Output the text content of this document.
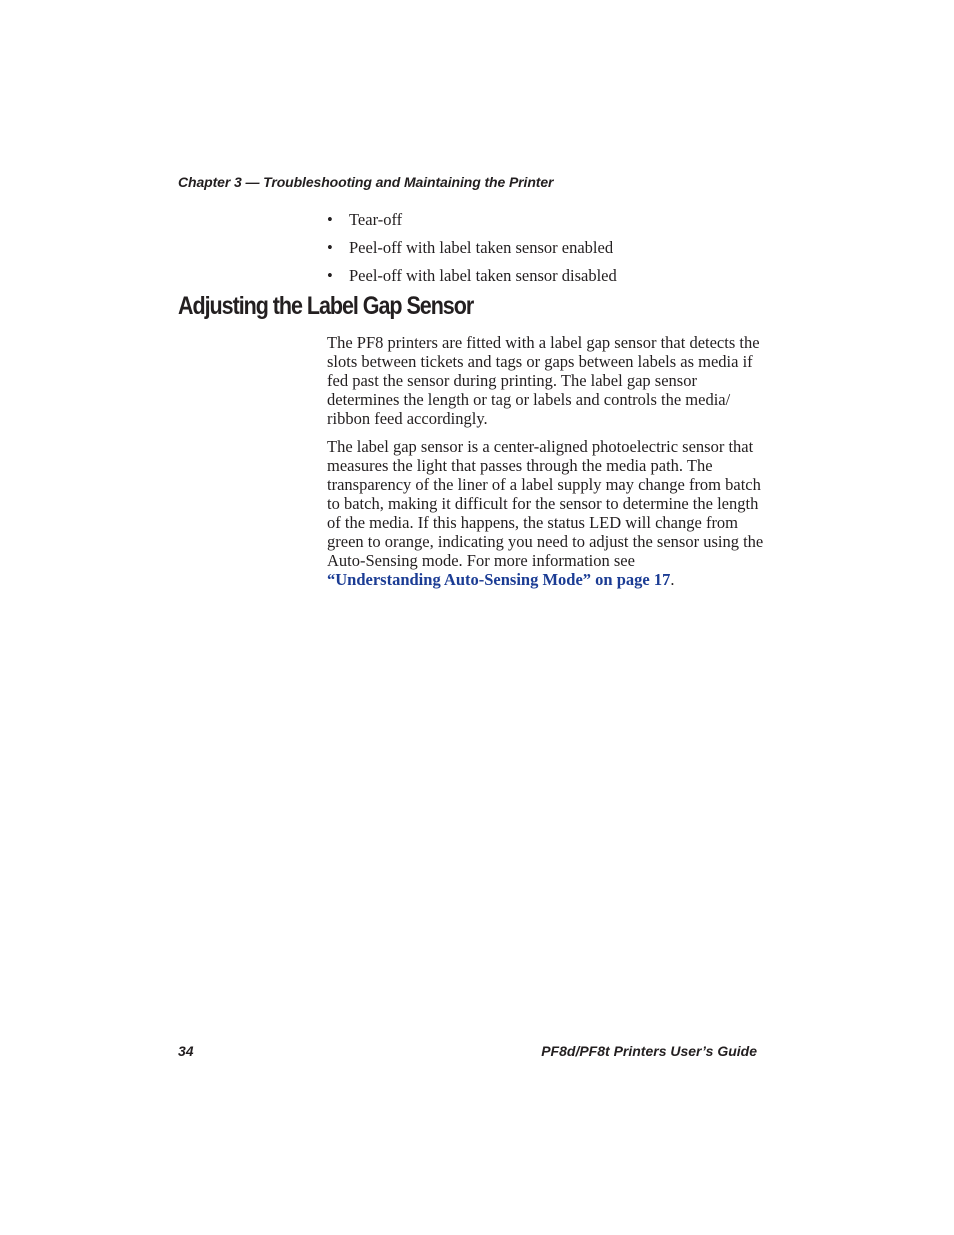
Chapter 3 — Troubleshooting and Maintaining the Printer
• Tear-off
• Peel-off with label taken sensor enabled
• Peel-off with label taken sensor disabled
Adjusting the Label Gap Sensor

The PF8 printers are fitted with a label gap sensor that detects the slots between tickets and tags or gaps between labels as media if fed past the sensor during printing. The label gap sensor determines the length or tag or labels and controls the media/ ribbon feed accordingly.

The label gap sensor is a center-aligned photoelectric sensor that measures the light that passes through the media path. The transparency of the liner of a label supply may change from batch to batch, making it difficult for the sensor to determine the length of the media. If this happens, the status LED will change from green to orange, indicating you need to adjust the sensor using the Auto-Sensing mode. For more information see
“Understanding Auto-Sensing Mode” on page 17.

34	PF8d/PF8t Printers User’s Guide
